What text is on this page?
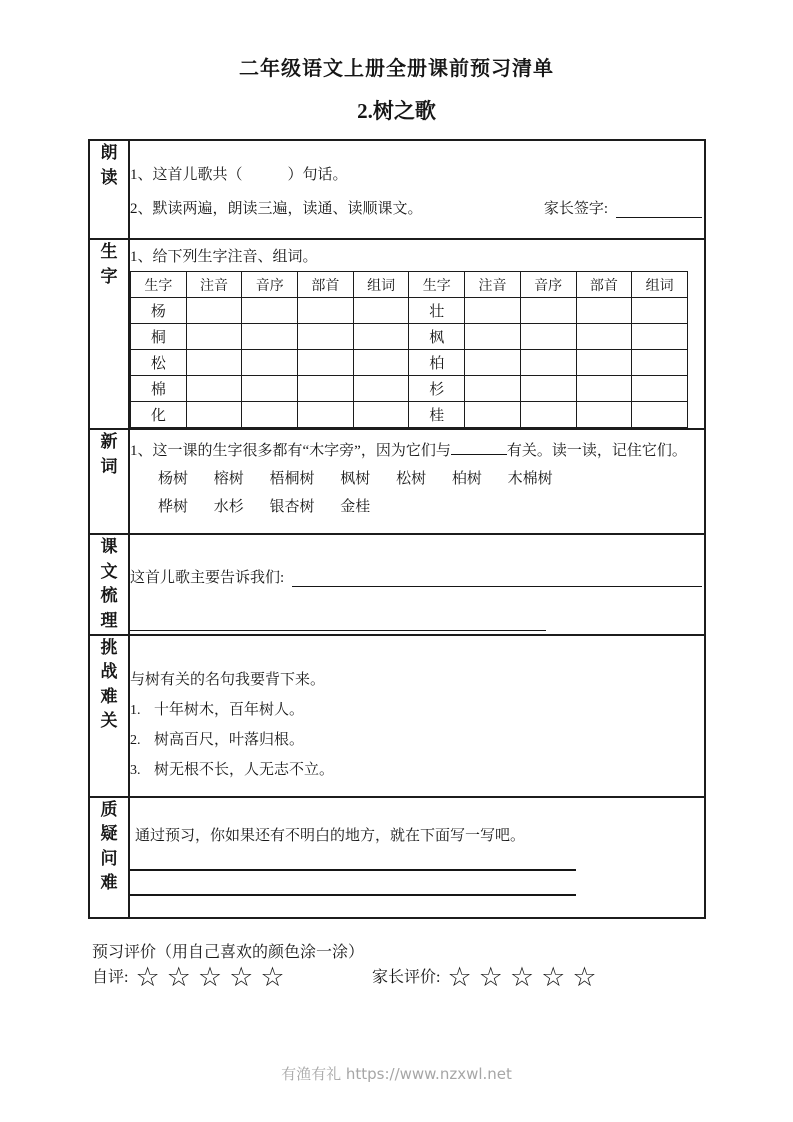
二年级语文上册全册课前预习清单
2.树之歌
朗读	1、这首儿歌共（　　　）句话。
2、默读两遍，朗读三遍，读通、读顺课文。	家长签字:

生字

1、给下列生字注音、组词。
生字	注音	音序	部首	组词	生字	注音	音序	部首	组词
杨					壮				
桐					枫				
松					柏				
棉					杉				
化					桂				

新词

1、这一课的生字很多都有“木字旁”，因为它们与	有关。读一读，记住它们。
杨树 榕树 梧桐树 枫树 松树 柏树 木棉树
桦树 水杉 银杏树 金桂

课文梳理

这首儿歌主要告诉我们:

挑战难关

与树有关的名句我要背下来。
1. 十年树木，百年树人。
2. 树高百尺，叶落归根。
3. 树无根不长，人无志不立。

质疑问难

通过预习，你如果还有不明白的地方，就在下面写一写吧。
预习评价（用自己喜欢的颜色涂一涂）
自评: ☆ ☆ ☆ ☆ ☆	家长评价: ☆ ☆ ☆ ☆ ☆
有渔有礼 https://www.nzxwl.net
